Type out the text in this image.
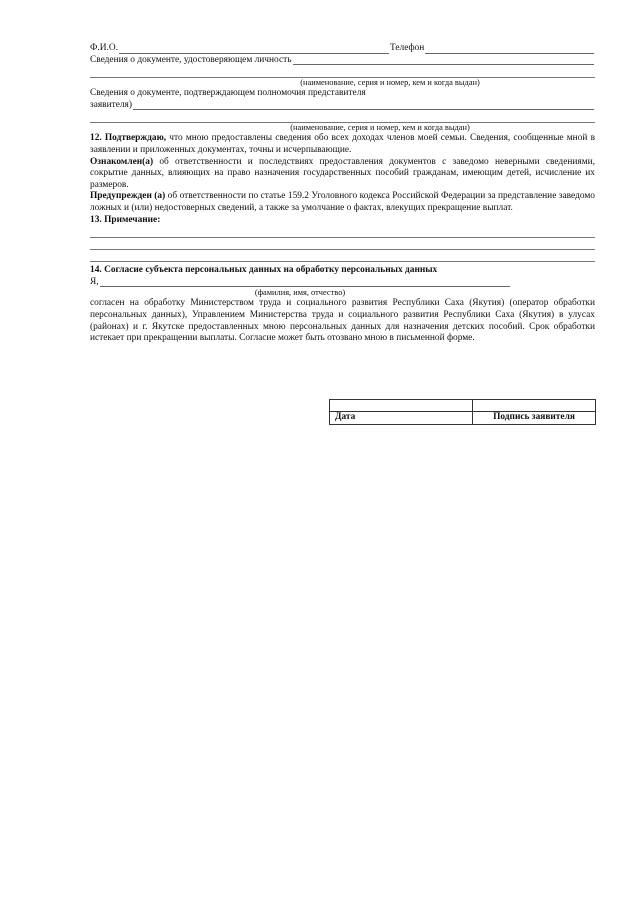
Ф.И.О.	Телефон
Сведения о документе, удостоверяющем личность
(наименование, серия и номер, кем и когда выдан)
Сведения о документе, подтверждающем полномочия представителя
заявителя)
(наименование, серия и номер, кем и когда выдан)
12. Подтверждаю, что мною предоставлены сведения обо всех доходах членов моей семьи. Сведения, сообщенные мной в заявлении и приложенных документах, точны и исчерпывающие.
Ознакомлен(а) об ответственности и последствиях предоставления документов с заведомо неверными сведениями, сокрытие данных, влияющих на право назначения государственных пособий гражданам, имеющим детей, исчисление их размеров.
Предупрежден (а) об ответственности по статье 159.2 Уголовного кодекса Российской Федерации за представление заведомо ложных и (или) недостоверных сведений, а также за умолчание о фактах, влекущих прекращение выплат.
13. Примечание:
14. Согласие субъекта персональных данных на обработку персональных данных
Я,
(фамилия, имя, отчество)
согласен на обработку Министерством труда и социального развития Республики Саха (Якутия) (оператор обработки персональных данных), Управлением Министерства труда и социального развития Республики Саха (Якутия) в улусах (районах) и г. Якутске предоставленных мною персональных данных для назначения детских пособий. Срок обработки истекает при прекращении выплаты. Согласие может быть отозвано мною в письменной форме.

Дата	Подпись заявителя
